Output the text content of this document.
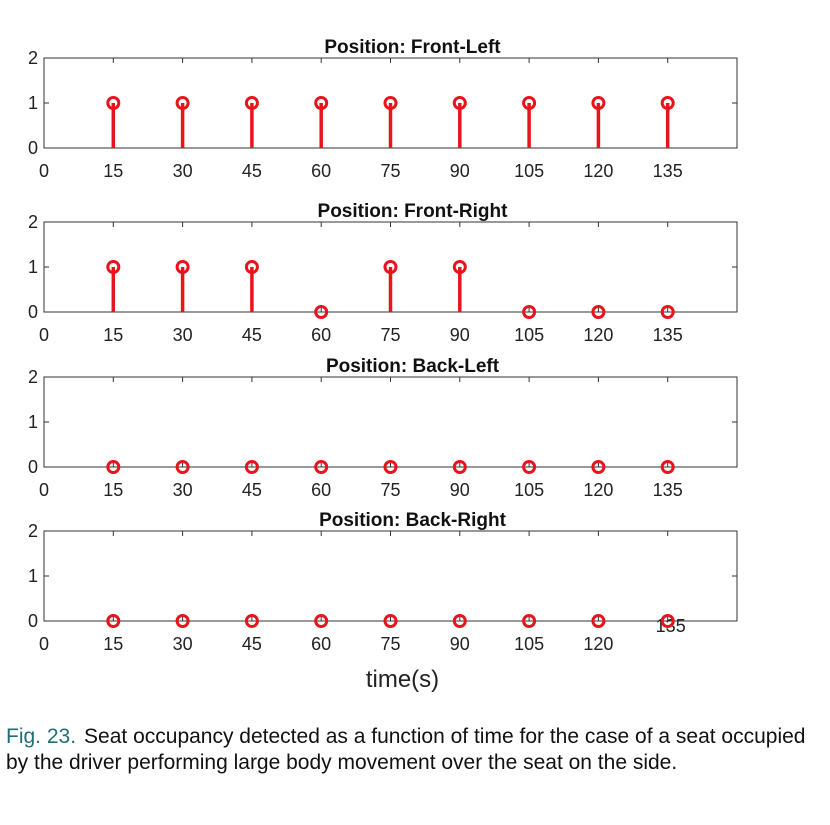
Position: Front-Left
0	15	30	45	60	75	90 105 120 135
0
1
2
Position: Front-Right
0	15	30	45	60	75	90 105 120 135
0
1
2
Position: Back-Left
0	15	30	45	60	75	90 105 120 135
0
1
2
Position: Back-Right
0	15	30	45	60	75	90 105 120
135
0
1
2
time(s)
Fig. 23. Seat occupancy detected as a function of time for the case of a seat occupied by the driver performing large body movement over the seat on the side.
